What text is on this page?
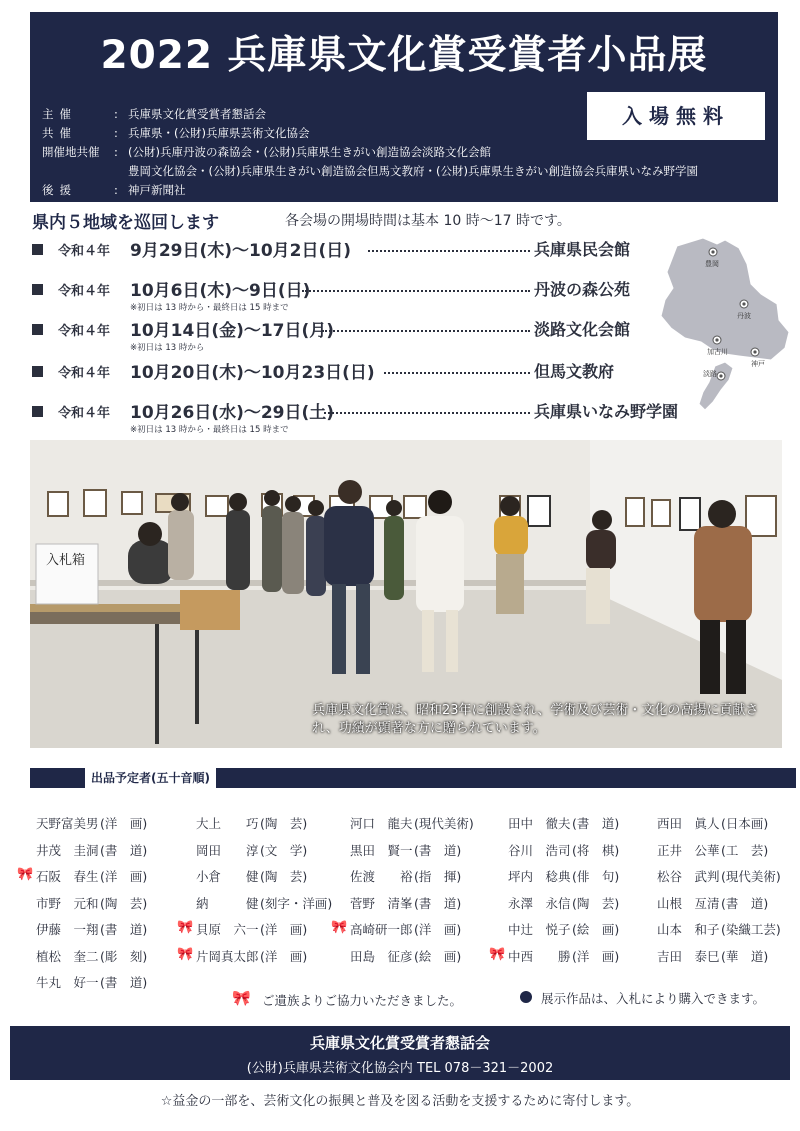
2022 兵庫県文化賞受賞者小品展
主催	: 兵庫県文化賞受賞者懇話会
共催	: 兵庫県・(公財)兵庫県芸術文化協会
開催地共催 : (公財)兵庫丹波の森協会・(公財)兵庫県生きがい創造協会淡路文化会館
豊岡文化協会・(公財)兵庫県生きがい創造協会但馬文教府・(公財)兵庫県生きがい創造協会兵庫県いなみ野学園
後援	: 神戸新聞社
入場無料
県内５地域を巡回します	各会場の開場時間は基本 10 時～17 時です。
令和４年 9月29日(木)～10月2日(日)	兵庫県民会館
令和４年 10月6日(木)～9日(日)	丹波の森公苑
※初日は 13 時から・最終日は 15 時まで
令和４年 10月14日(金)～17日(月)	淡路文化会館
※初日は 13 時から
令和４年 10月20日(木)～10月23日(日)	但馬文教府
令和４年 10月26日(水)～29日(土)	兵庫県いなみ野学園
※初日は 13 時から・最終日は 15 時まで
豊岡
丹波
加古川
神戸
淡路
入札箱
兵庫県文化賞は、昭和23年に創設され、学術及び芸術・文化の高揚に貢献され、功績が顕著な方に贈られています。
出品予定者(五十音順)
天野富美男(洋　画)
井茂　圭洞(書　道)
🎀 石阪　春生(洋　画)
市野　元和(陶　芸)
伊藤　一翔(書　道)
植松　奎二(彫　刻)
牛丸　好一(書　道)
大上　　巧(陶　芸)
岡田　　淳(文　学)
小倉　　健(陶　芸)
納　　　健(刻字・洋画)
🎀 貝原　六一(洋　画)
🎀 片岡真太郎(洋　画)
河口　龍夫(現代美術)
黒田　賢一(書　道)
佐渡　　裕(指　揮)
菅野　清峯(書　道)
🎀 高崎研一郎(洋　画)
田島　征彦(絵　画)
田中　徹夫(書　道)
谷川　浩司(将　棋)
坪内　稔典(俳　句)
永澤　永信(陶　芸)
中辻　悦子(絵　画)
🎀 中西　　勝(洋　画)
西田　眞人(日本画)
正井　公華(工　芸)
松谷　武判(現代美術)
山根　亙清(書　道)
山本　和子(染織工芸)
吉田　泰巳(華　道)
🎀 ご遺族よりご協力いただきました。	展示作品は、入札により購入できます。
兵庫県文化賞受賞者懇話会
(公財)兵庫県芸術文化協会内 TEL 078－321－2002
☆益金の一部を、芸術文化の振興と普及を図る活動を支援するために寄付します。
